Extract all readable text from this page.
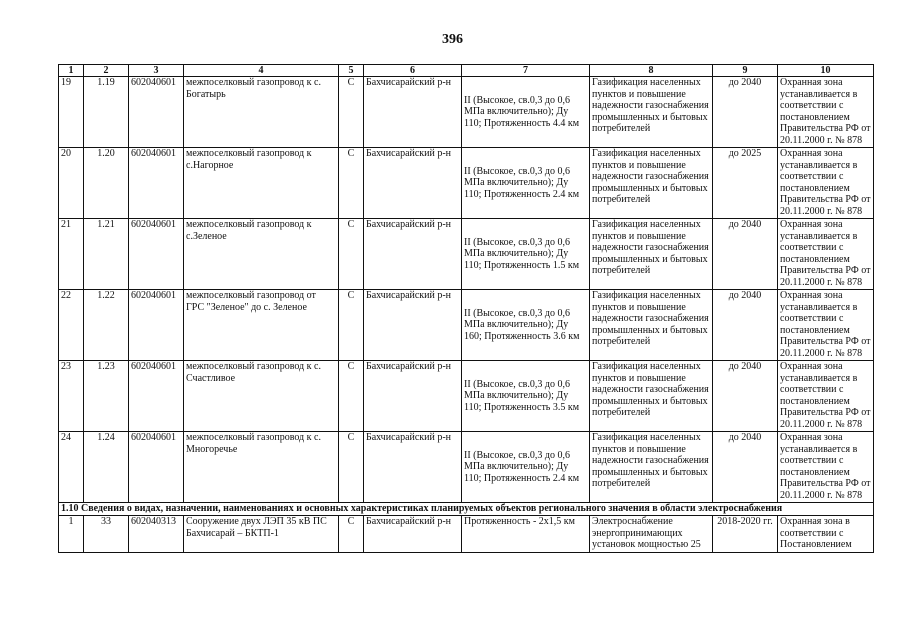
396
1	2	3	4	5	6	7	8	9	10
19	1.19	602040601	межпоселковый газопровод к с. Богатырь	С	Бахчисарайский р-н	II (Высокое, св.0,3 до 0,6 МПа включительно); Ду 110; Протяженность 4.4 км	Газификация населенных пунктов и повышение надежности газоснабжения промышленных и бытовых потребителей	до 2040	Охранная зона устанавливается в соответствии с постановлением Правительства РФ от 20.11.2000 г. № 878
20	1.20	602040601	межпоселковый газопровод к с.Нагорное	С	Бахчисарайский р-н	II (Высокое, св.0,3 до 0,6 МПа включительно); Ду 110; Протяженность 2.4 км	Газификация населенных пунктов и повышение надежности газоснабжения промышленных и бытовых потребителей	до 2025	Охранная зона устанавливается в соответствии с постановлением Правительства РФ от 20.11.2000 г. № 878
21	1.21	602040601	межпоселковый газопровод к с.Зеленое	С	Бахчисарайский р-н	II (Высокое, св.0,3 до 0,6 МПа включительно); Ду 110; Протяженность 1.5 км	Газификация населенных пунктов и повышение надежности газоснабжения промышленных и бытовых потребителей	до 2040	Охранная зона устанавливается в соответствии с постановлением Правительства РФ от 20.11.2000 г. № 878
22	1.22	602040601	межпоселковый газопровод от ГРС "Зеленое" до с. Зеленое	С	Бахчисарайский р-н	II (Высокое, св.0,3 до 0,6 МПа включительно); Ду 160; Протяженность 3.6 км	Газификация населенных пунктов и повышение надежности газоснабжения промышленных и бытовых потребителей	до 2040	Охранная зона устанавливается в соответствии с постановлением Правительства РФ от 20.11.2000 г. № 878
23	1.23	602040601	межпоселковый газопровод к с. Счастливое	С	Бахчисарайский р-н	II (Высокое, св.0,3 до 0,6 МПа включительно); Ду 110; Протяженность 3.5 км	Газификация населенных пунктов и повышение надежности газоснабжения промышленных и бытовых потребителей	до 2040	Охранная зона устанавливается в соответствии с постановлением Правительства РФ от 20.11.2000 г. № 878
24	1.24	602040601	межпоселковый газопровод к с. Многоречье	С	Бахчисарайский р-н	II (Высокое, св.0,3 до 0,6 МПа включительно); Ду 110; Протяженность 2.4 км	Газификация населенных пунктов и повышение надежности газоснабжения промышленных и бытовых потребителей	до 2040	Охранная зона устанавливается в соответствии с постановлением Правительства РФ от 20.11.2000 г. № 878
1.10 Сведения о видах, назначении, наименованиях и основных характеристиках планируемых объектов регионального значения в области электроснабжения									
1	33	602040313	Сооружение двух ЛЭП 35 кВ ПС Бахчисарай – БКТП-1	С	Бахчисарайский р-н	Протяженность - 2х1,5 км	Электроснабжение энергопринимающих установок мощностью 25	2018-2020 гг.	Охранная зона в соответствии с Постановлением
